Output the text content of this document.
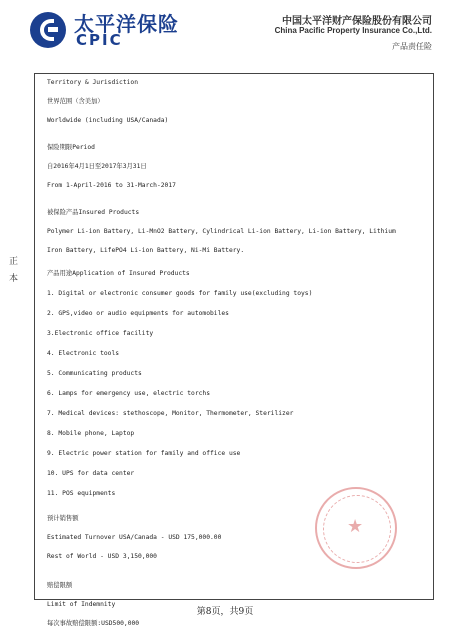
太平洋保险
CPIC
中国太平洋财产保险股份有限公司
China Pacific Property Insurance Co.,Ltd.
产品责任险
正
本
Territory & Jurisdiction
世界范围（含美加）
Worldwide (including USA/Canada)
保险期限Period
自2016年4月1日至2017年3月31日
From 1-April-2016 to 31-March-2017
被保险产品Insured Products
Polymer Li-ion Battery, Li-MnO2 Battery, Cylindrical Li-ion Battery, Li-ion Battery, Lithium
Iron Battery, LifePO4 Li-ion Battery, Ni-Mi Battery.
产品用途Application of Insured Products
1. Digital or electronic consumer goods for family use(excluding toys)
2. GPS,video or audio equipments for automobiles
3.Electronic office facility
4. Electronic tools
5. Communicating products
6. Lamps for emergency use, electric torchs
7. Medical devices: stethoscope, Monitor, Thermometer, Sterilizer
8. Mobile phone, Laptop
9. Electric power station for family and office use
10. UPS for data center
11. POS equipments
预计销售额
Estimated Turnover USA/Canada - USD 175,000.00
Rest of World - USD 3,150,000
赔偿限额
Limit of Indemnity
每次事故赔偿限额:USD500,000
★
第8页，共9页
